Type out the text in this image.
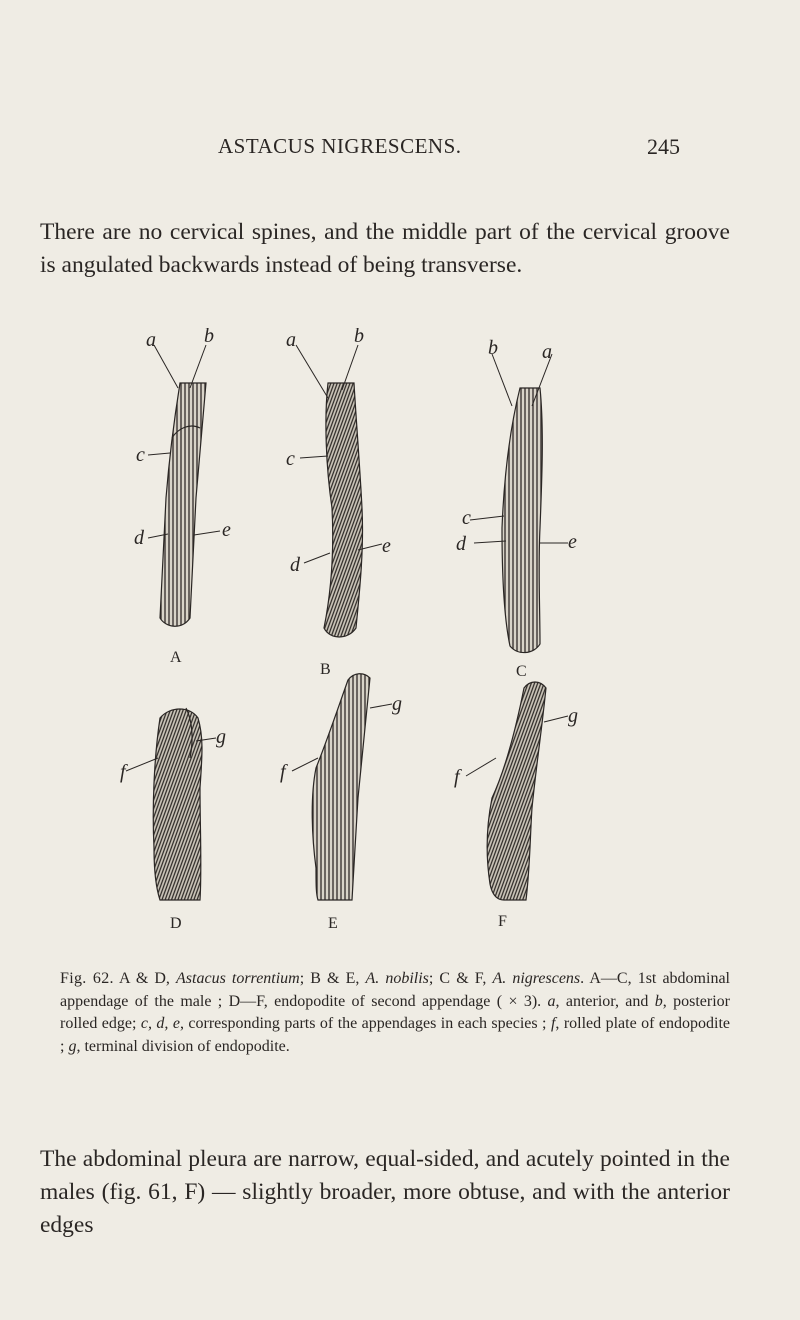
ASTACUS NIGRESCENS.	245

There are no cervical spines, and the middle part of the cervical groove is angulated backwards instead of being transverse.

a b
c
d	e
A
a	b
c
d
e
B
a
b
c
d	e
C
f
g
D
f
g
E
f
g
F

Fig. 62. A & D, Astacus torrentium; B & E, A. nobilis; C & F, A. nigrescens. A—C, 1st abdominal appendage of the male ; D—F, endopodite of second appendage ( × 3). a, anterior, and b, posterior rolled edge; c, d, e, corresponding parts of the appendages in each species ; f, rolled plate of endopodite ; g, terminal division of endopodite.

The abdominal pleura are narrow, equal-sided, and acutely pointed in the males (fig. 61, F) — slightly broader, more obtuse, and with the anterior edges
